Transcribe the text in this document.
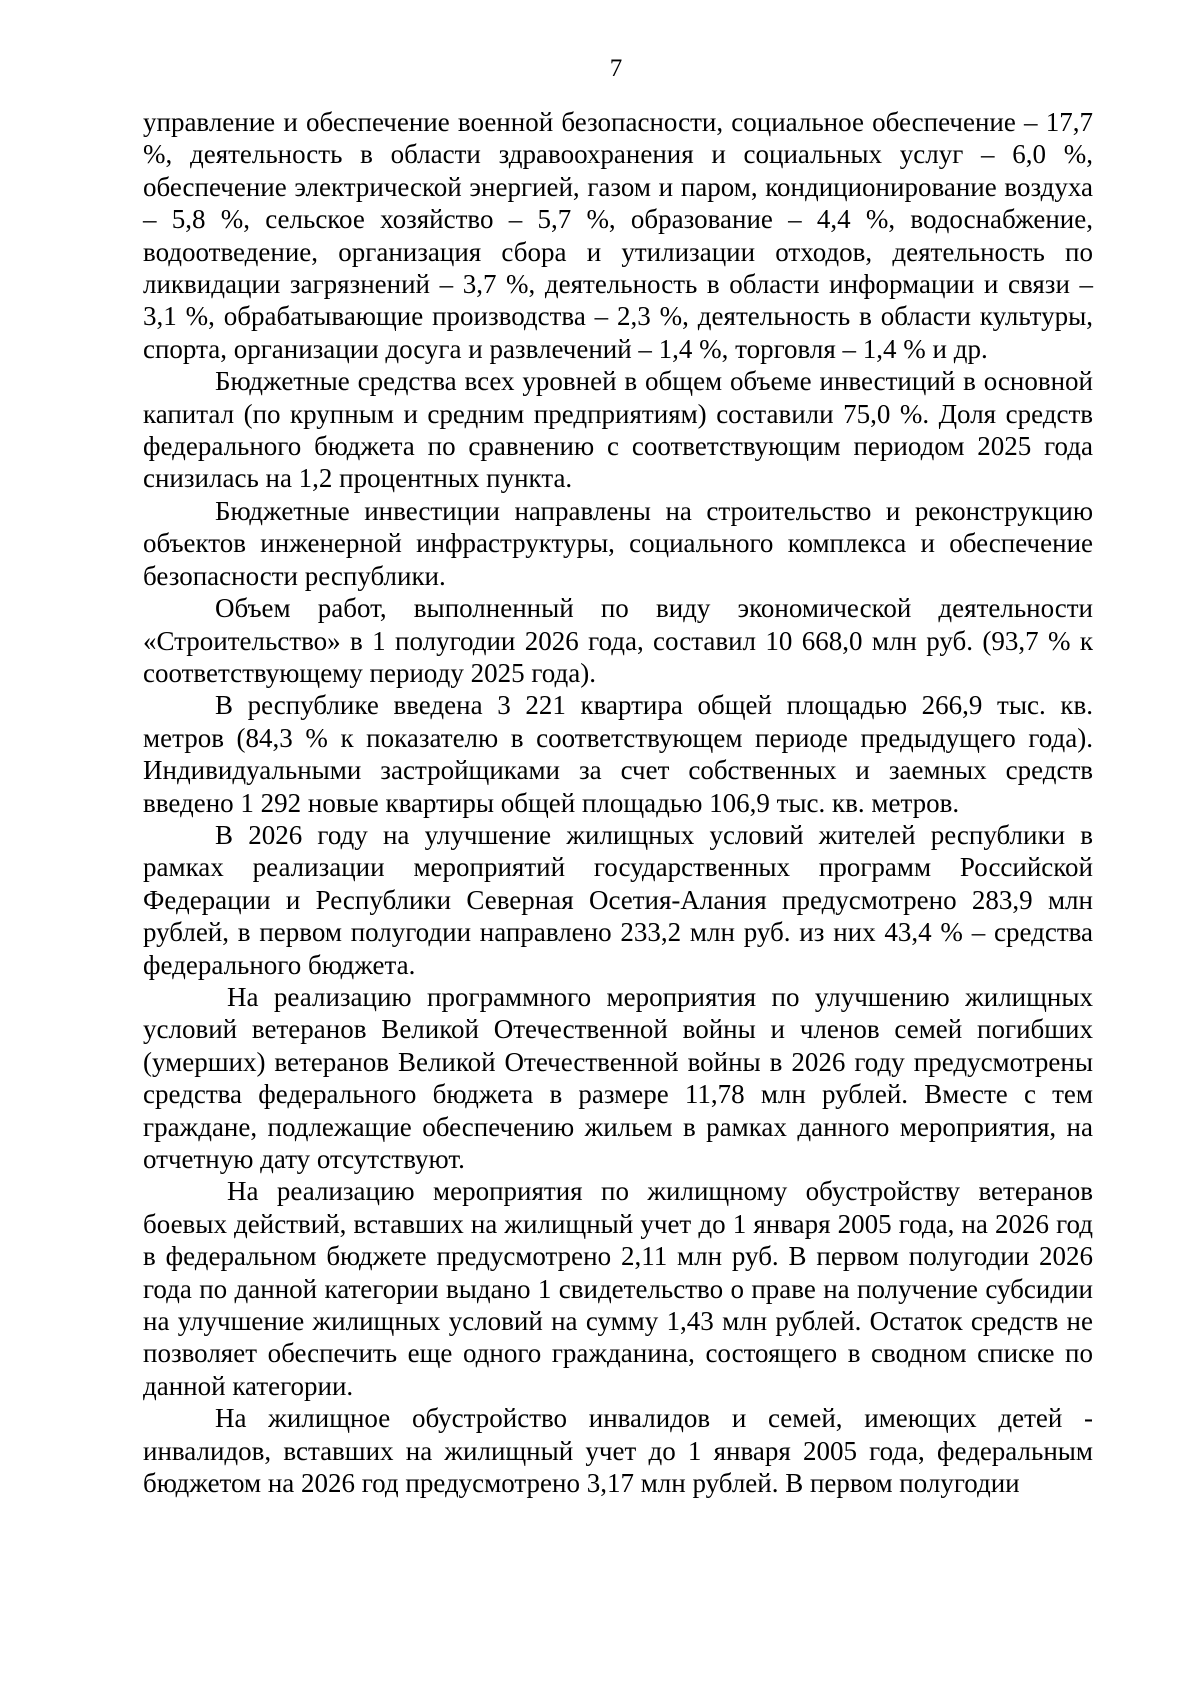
7

управление и обеспечение военной безопасности, социальное обеспечение – 17,7 %, деятельность в области здравоохранения и социальных услуг – 6,0 %, обеспечение электрической энергией, газом и паром, кондиционирование воздуха – 5,8 %, сельское хозяйство – 5,7 %, образование – 4,4 %, водоснабжение, водоотведение, организация сбора и утилизации отходов, деятельность по ликвидации загрязнений – 3,7 %, деятельность в области информации и связи – 3,1 %, обрабатывающие производства – 2,3 %, деятельность в области культуры, спорта, организации досуга и развлечений – 1,4 %, торговля – 1,4 % и др.

Бюджетные средства всех уровней в общем объеме инвестиций в основной капитал (по крупным и средним предприятиям) составили 75,0 %. Доля средств федерального бюджета по сравнению с соответствующим периодом 2025 года снизилась на 1,2 процентных пункта.

Бюджетные инвестиции направлены на строительство и реконструкцию объектов инженерной инфраструктуры, социального комплекса и обеспечение безопасности республики.

Объем работ, выполненный по виду экономической деятельности «Строительство» в 1 полугодии 2026 года, составил 10 668,0 млн руб. (93,7 % к соответствующему периоду 2025 года).

В республике введена 3 221 квартира общей площадью 266,9 тыс. кв. метров (84,3 % к показателю в соответствующем периоде предыдущего года). Индивидуальными застройщиками за счет собственных и заемных средств введено 1 292 новые квартиры общей площадью 106,9 тыс. кв. метров.

В 2026 году на улучшение жилищных условий жителей республики в рамках реализации мероприятий государственных программ Российской Федерации и Республики Северная Осетия-Алания предусмотрено 283,9 млн рублей, в первом полугодии направлено 233,2 млн руб. из них 43,4 % – средства федерального бюджета.

На реализацию программного мероприятия по улучшению жилищных условий ветеранов Великой Отечественной войны и членов семей погибших (умерших) ветеранов Великой Отечественной войны в 2026 году предусмотрены средства федерального бюджета в размере 11,78 млн рублей. Вместе с тем граждане, подлежащие обеспечению жильем в рамках данного мероприятия, на отчетную дату отсутствуют.

На реализацию мероприятия по жилищному обустройству ветеранов боевых действий, вставших на жилищный учет до 1 января 2005 года, на 2026 год в федеральном бюджете предусмотрено 2,11 млн руб. В первом полугодии 2026 года по данной категории выдано 1 свидетельство о праве на получение субсидии на улучшение жилищных условий на сумму 1,43 млн рублей. Остаток средств не позволяет обеспечить еще одного гражданина, состоящего в сводном списке по данной категории.

На жилищное обустройство инвалидов и семей, имеющих детей - инвалидов, вставших на жилищный учет до 1 января 2005 года, федеральным бюджетом на 2026 год предусмотрено 3,17 млн рублей. В первом полугодии
